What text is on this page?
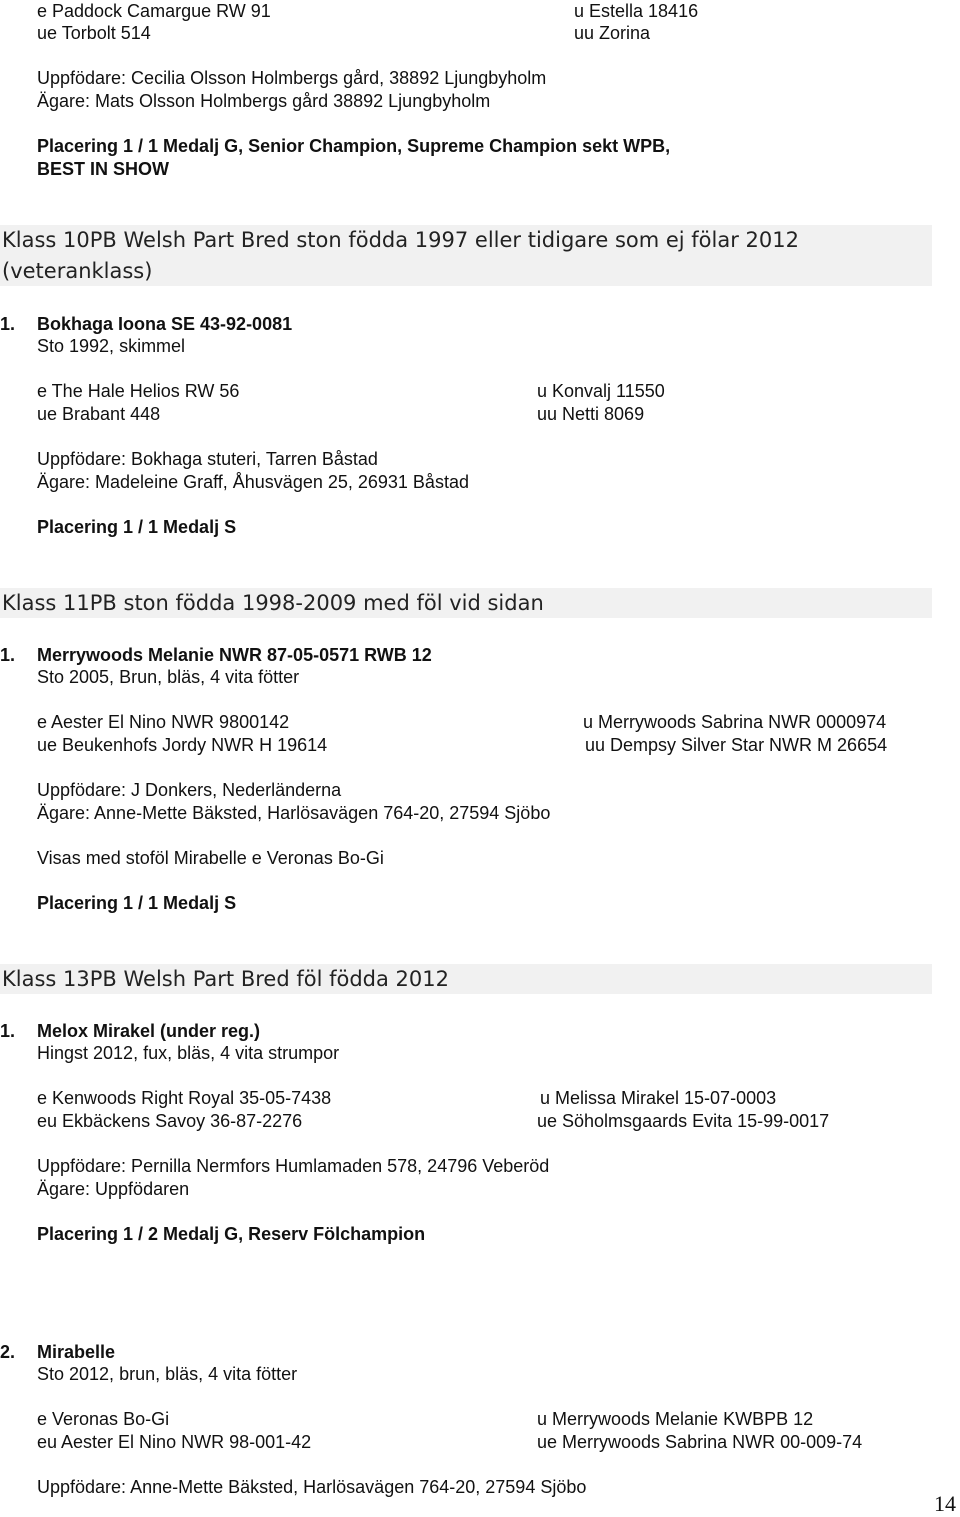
e Paddock Camargue RW 91	u Estella 18416
ue Torbolt 514	uu Zorina
Uppfödare: Cecilia Olsson Holmbergs gård, 38892 Ljungbyholm
Ägare: Mats Olsson Holmbergs gård 38892 Ljungbyholm
Placering 1 / 1 Medalj G, Senior Champion, Supreme Champion sekt WPB,
BEST IN SHOW
Klass 10PB Welsh Part Bred ston födda 1997 eller tidigare som ej fölar 2012
(veteranklass)
1. Bokhaga Ioona SE 43-92-0081
Sto 1992, skimmel
e The Hale Helios RW 56	u Konvalj 11550
ue Brabant 448	uu Netti 8069
Uppfödare: Bokhaga stuteri, Tarren Båstad
Ägare: Madeleine Graff, Åhusvägen 25, 26931 Båstad
Placering 1 / 1 Medalj S
Klass 11PB ston födda 1998-2009 med föl vid sidan
1. Merrywoods Melanie NWR 87-05-0571 RWB 12
Sto 2005, Brun, bläs, 4 vita fötter
e Aester El Nino NWR 9800142	u Merrywoods Sabrina NWR 0000974
ue Beukenhofs Jordy NWR H 19614	uu Dempsy Silver Star NWR M 26654
Uppfödare: J Donkers, Nederländerna
Ägare: Anne-Mette Bäksted, Harlösavägen 764-20, 27594 Sjöbo
Visas med stoföl Mirabelle e Veronas Bo-Gi
Placering 1 / 1 Medalj S
Klass 13PB Welsh Part Bred föl födda 2012
1. Melox Mirakel (under reg.)
Hingst 2012, fux, bläs, 4 vita strumpor
e Kenwoods Right Royal 35-05-7438	u Melissa Mirakel 15-07-0003
eu Ekbäckens Savoy 36-87-2276	ue Söholmsgaards Evita 15-99-0017
Uppfödare: Pernilla Nermfors Humlamaden 578, 24796 Veberöd
Ägare: Uppfödaren
Placering 1 / 2 Medalj G, Reserv Fölchampion
2. Mirabelle
Sto 2012, brun, bläs, 4 vita fötter
e Veronas Bo-Gi	u Merrywoods Melanie KWBPB 12
eu Aester El Nino NWR 98-001-42	ue Merrywoods Sabrina NWR 00-009-74
Uppfödare: Anne-Mette Bäksted, Harlösavägen 764-20, 27594 Sjöbo
14
